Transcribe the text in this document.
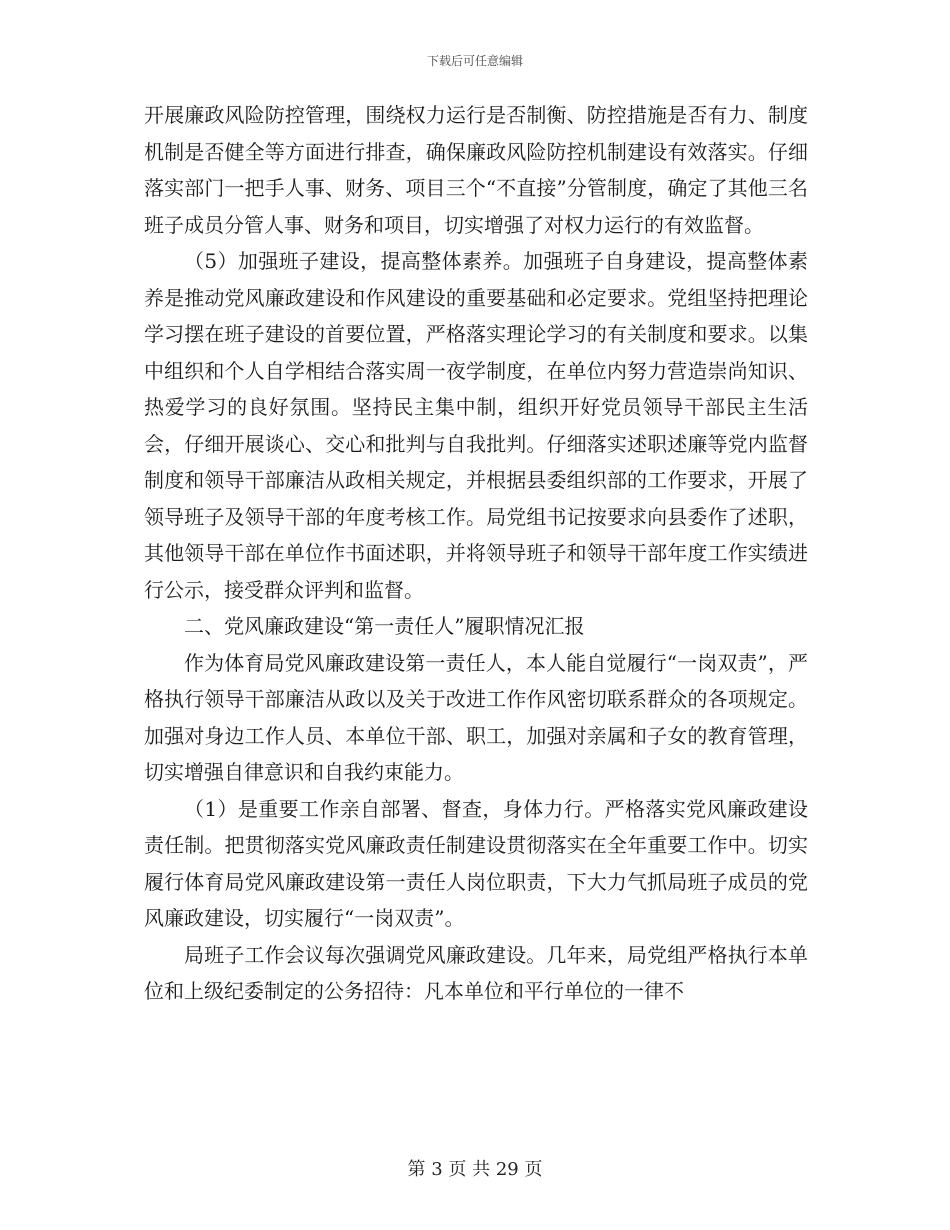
下载后可任意编辑

开展廉政风险防控管理，围绕权力运行是否制衡、防控措施是否有力、制度机制是否健全等方面进行排查，确保廉政风险防控机制建设有效落实。仔细落实部门一把手人事、财务、项目三个“不直接”分管制度，确定了其他三名班子成员分管人事、财务和项目，切实增强了对权力运行的有效监督。

（5）加强班子建设，提高整体素养。加强班子自身建设，提高整体素养是推动党风廉政建设和作风建设的重要基础和必定要求。党组坚持把理论学习摆在班子建设的首要位置，严格落实理论学习的有关制度和要求。以集中组织和个人自学相结合落实周一夜学制度，在单位内努力营造崇尚知识、热爱学习的良好氛围。坚持民主集中制，组织开好党员领导干部民主生活会，仔细开展谈心、交心和批判与自我批判。仔细落实述职述廉等党内监督制度和领导干部廉洁从政相关规定，并根据县委组织部的工作要求，开展了领导班子及领导干部的年度考核工作。局党组书记按要求向县委作了述职，其他领导干部在单位作书面述职，并将领导班子和领导干部年度工作实绩进行公示，接受群众评判和监督。

二、党风廉政建设“第一责任人”履职情况汇报

作为体育局党风廉政建设第一责任人，本人能自觉履行“一岗双责”，严格执行领导干部廉洁从政以及关于改进工作作风密切联系群众的各项规定。加强对身边工作人员、本单位干部、职工，加强对亲属和子女的教育管理，切实增强自律意识和自我约束能力。

（1）是重要工作亲自部署、督查，身体力行。严格落实党风廉政建设责任制。把贯彻落实党风廉政责任制建设贯彻落实在全年重要工作中。切实履行体育局党风廉政建设第一责任人岗位职责，下大力气抓局班子成员的党风廉政建设，切实履行“一岗双责”。

局班子工作会议每次强调党风廉政建设。几年来，局党组严格执行本单位和上级纪委制定的公务招待：凡本单位和平行单位的一律不

第 3 页 共 29 页
